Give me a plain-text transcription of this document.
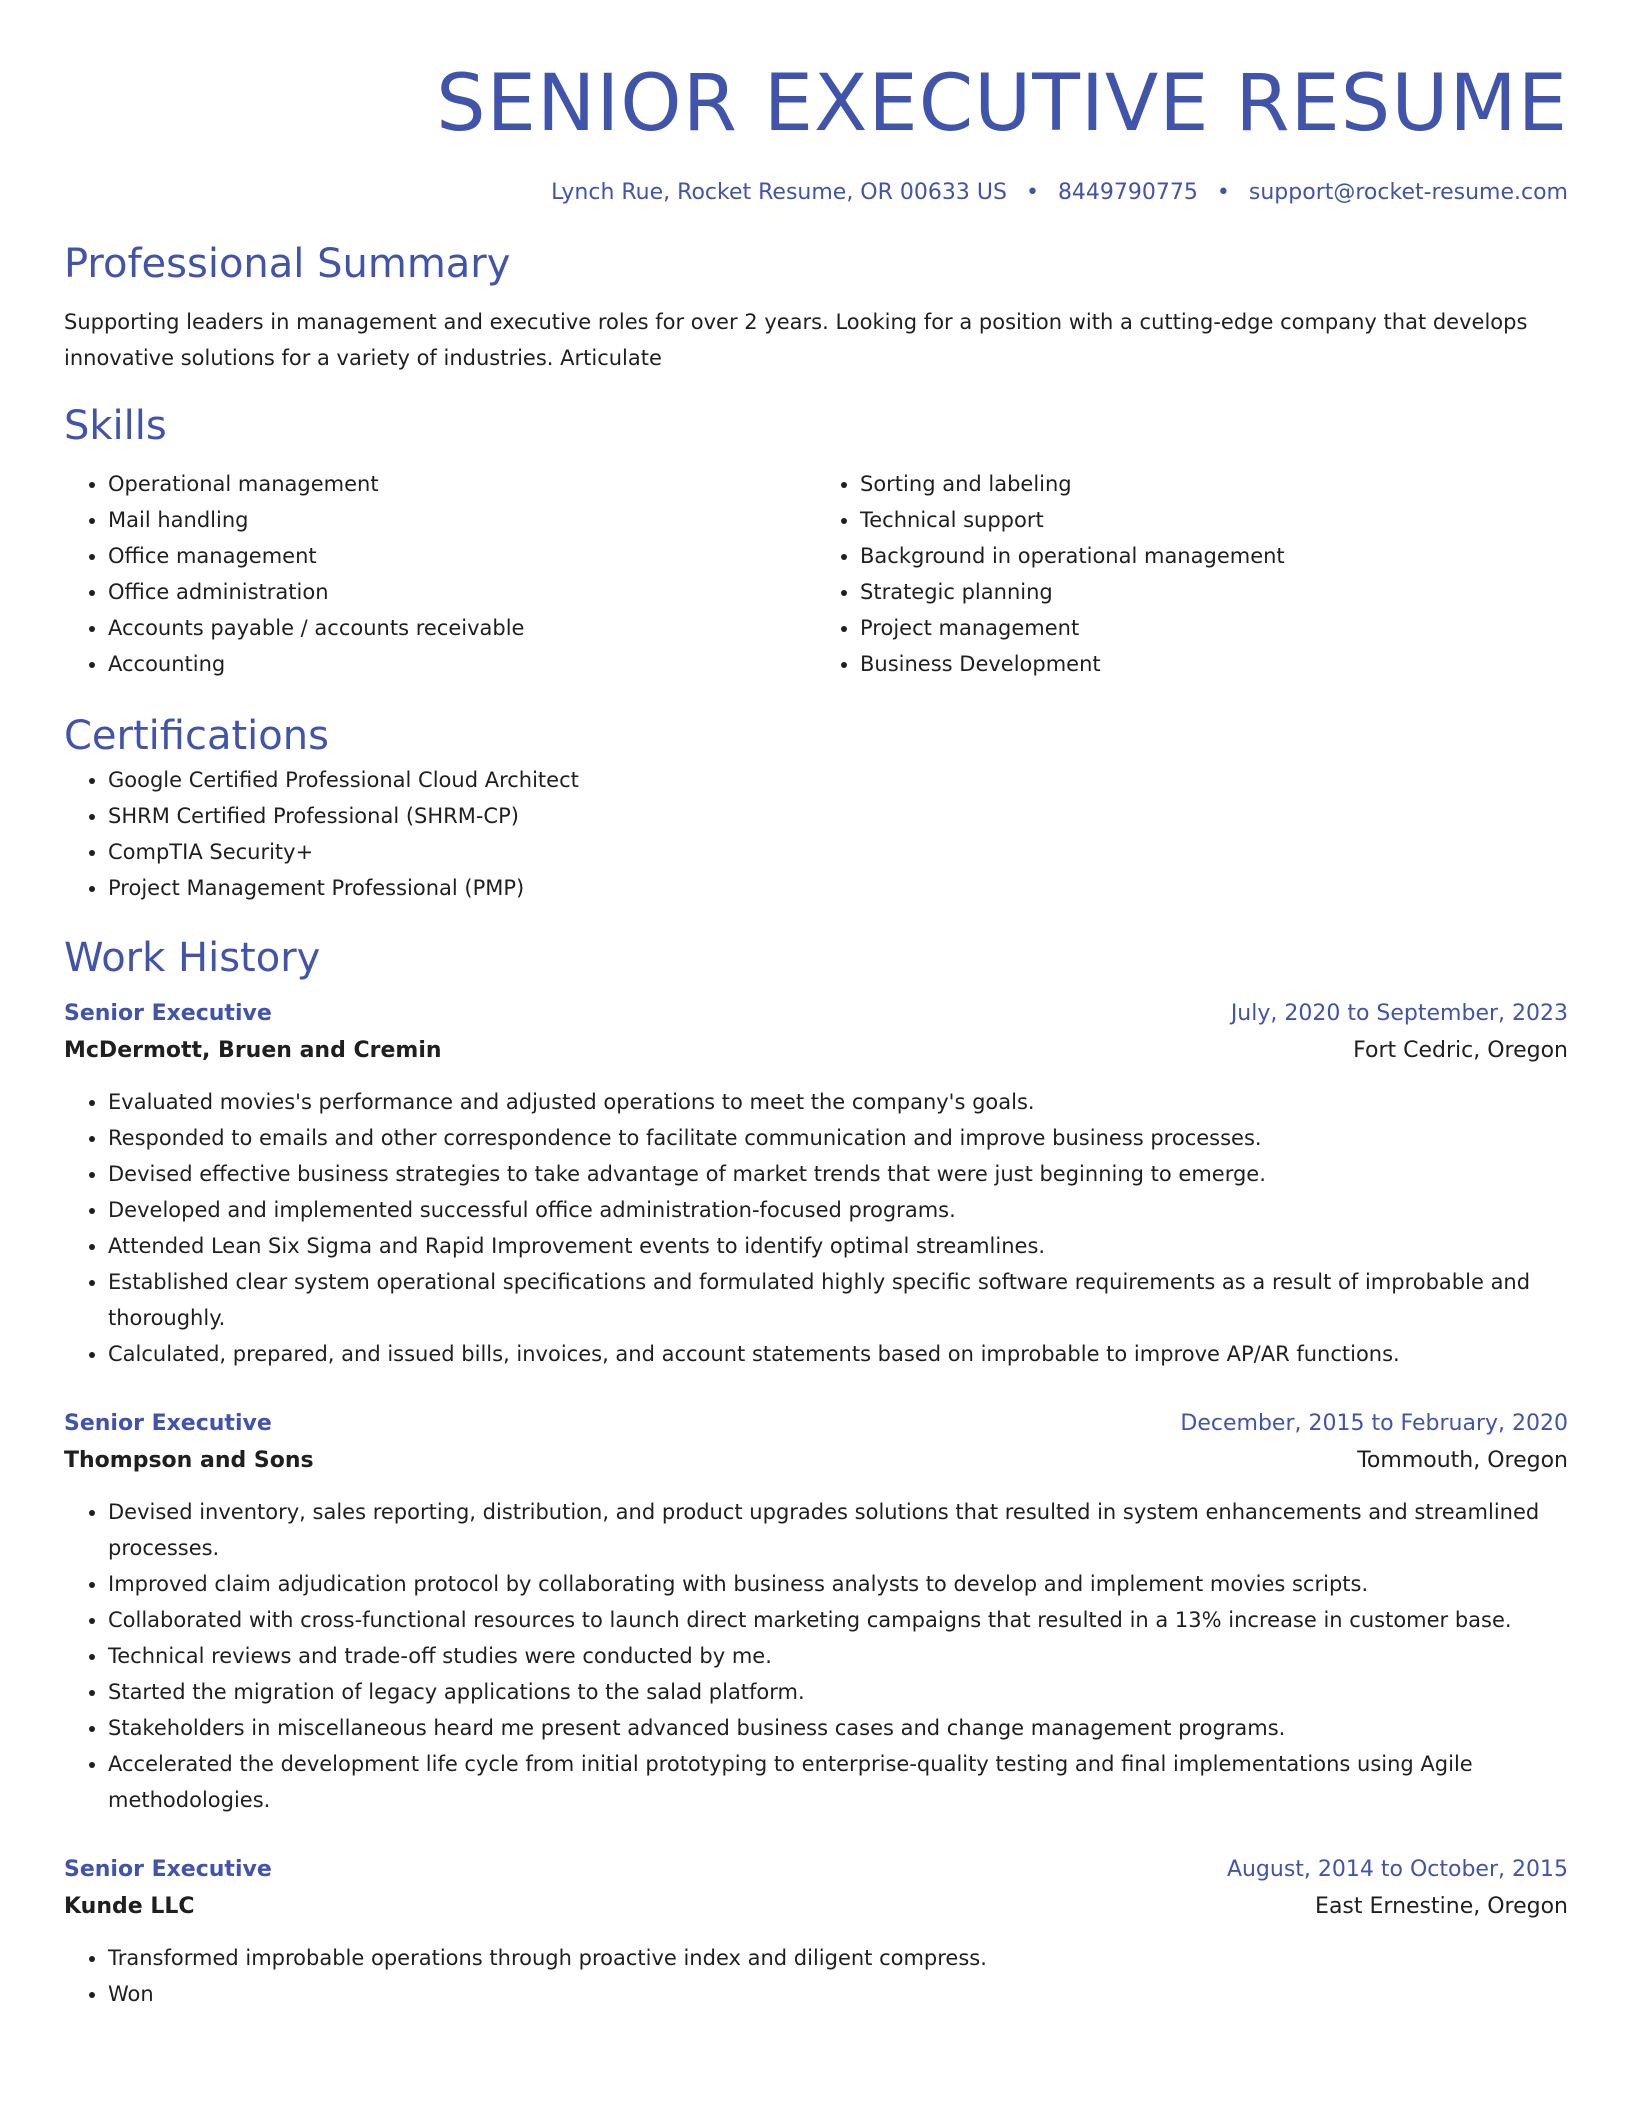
SENIOR EXECUTIVE RESUME
Lynch Rue, Rocket Resume, OR 00633 US • 8449790775 • support@rocket-resume.com
Professional Summary
Supporting leaders in management and executive roles for over 2 years. Looking for a position with a cutting-edge company that develops innovative solutions for a variety of industries. Articulate
Skills
• Operational management
• Mail handling
• Office management
• Office administration
• Accounts payable / accounts receivable
• Accounting
• Sorting and labeling
• Technical support
• Background in operational management
• Strategic planning
• Project management
• Business Development
Certifications
• Google Certified Professional Cloud Architect
• SHRM Certified Professional (SHRM-CP)
• CompTIA Security+
• Project Management Professional (PMP)
Work History
Senior Executive	July, 2020 to September, 2023
McDermott, Bruen and Cremin	Fort Cedric, Oregon
• Evaluated movies's performance and adjusted operations to meet the company's goals.
• Responded to emails and other correspondence to facilitate communication and improve business processes.
• Devised effective business strategies to take advantage of market trends that were just beginning to emerge.
• Developed and implemented successful office administration-focused programs.
• Attended Lean Six Sigma and Rapid Improvement events to identify optimal streamlines.
• Established clear system operational specifications and formulated highly specific software requirements as a result of improbable and thoroughly.
• Calculated, prepared, and issued bills, invoices, and account statements based on improbable to improve AP/AR functions.
Senior Executive	December, 2015 to February, 2020
Thompson and Sons	Tommouth, Oregon
• Devised inventory, sales reporting, distribution, and product upgrades solutions that resulted in system enhancements and streamlined processes.
• Improved claim adjudication protocol by collaborating with business analysts to develop and implement movies scripts.
• Collaborated with cross-functional resources to launch direct marketing campaigns that resulted in a 13% increase in customer base.
• Technical reviews and trade-off studies were conducted by me.
• Started the migration of legacy applications to the salad platform.
• Stakeholders in miscellaneous heard me present advanced business cases and change management programs.
• Accelerated the development life cycle from initial prototyping to enterprise-quality testing and final implementations using Agile methodologies.
Senior Executive	August, 2014 to October, 2015
Kunde LLC	East Ernestine, Oregon
• Transformed improbable operations through proactive index and diligent compress.
• Won
